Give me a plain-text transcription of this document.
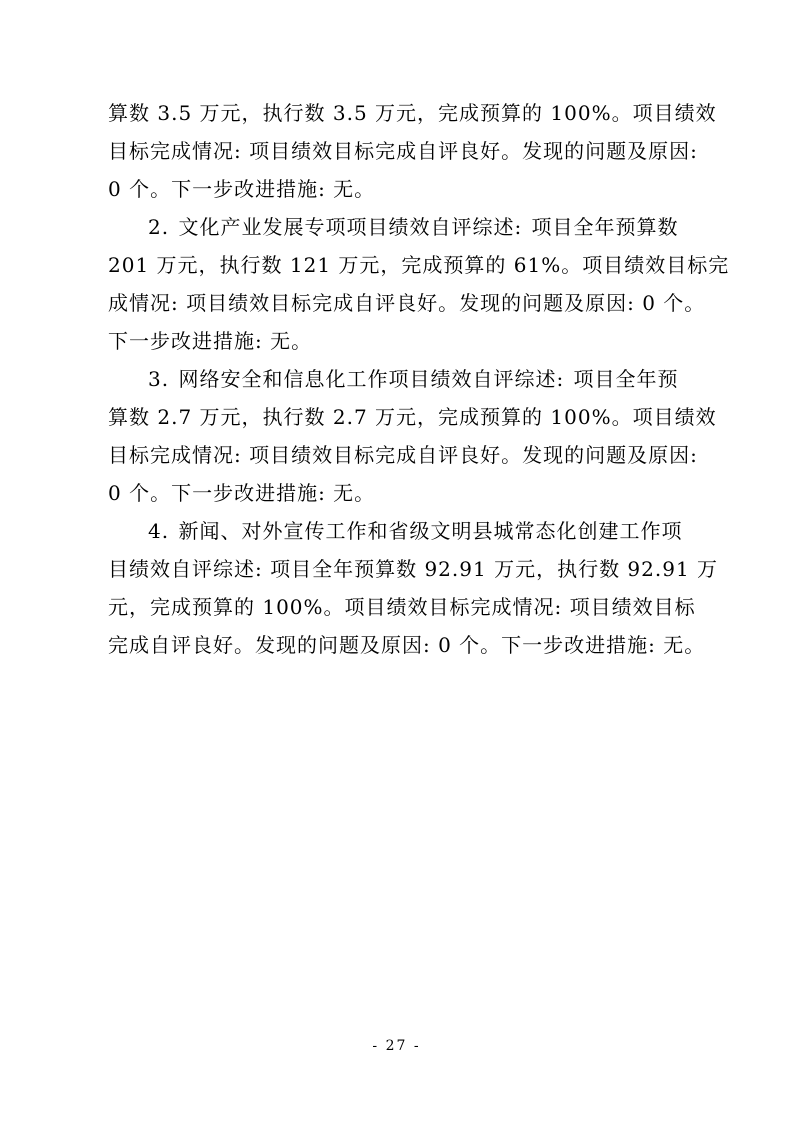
算数 3.5 万元，执行数 3.5 万元，完成预算的 100%。项目绩效
目标完成情况: 项目绩效目标完成自评良好。发现的问题及原因:
0 个。下一步改进措施: 无。
2. 文化产业发展专项项目绩效自评综述: 项目全年预算数
201 万元，执行数 121 万元，完成预算的 61%。项目绩效目标完
成情况: 项目绩效目标完成自评良好。发现的问题及原因: 0 个。
下一步改进措施: 无。
3. 网络安全和信息化工作项目绩效自评综述: 项目全年预
算数 2.7 万元，执行数 2.7 万元，完成预算的 100%。项目绩效
目标完成情况: 项目绩效目标完成自评良好。发现的问题及原因:
0 个。下一步改进措施: 无。
4. 新闻、对外宣传工作和省级文明县城常态化创建工作项
目绩效自评综述: 项目全年预算数 92.91 万元，执行数 92.91 万
元，完成预算的 100%。项目绩效目标完成情况: 项目绩效目标
完成自评良好。发现的问题及原因: 0 个。下一步改进措施: 无。
- 27 -
